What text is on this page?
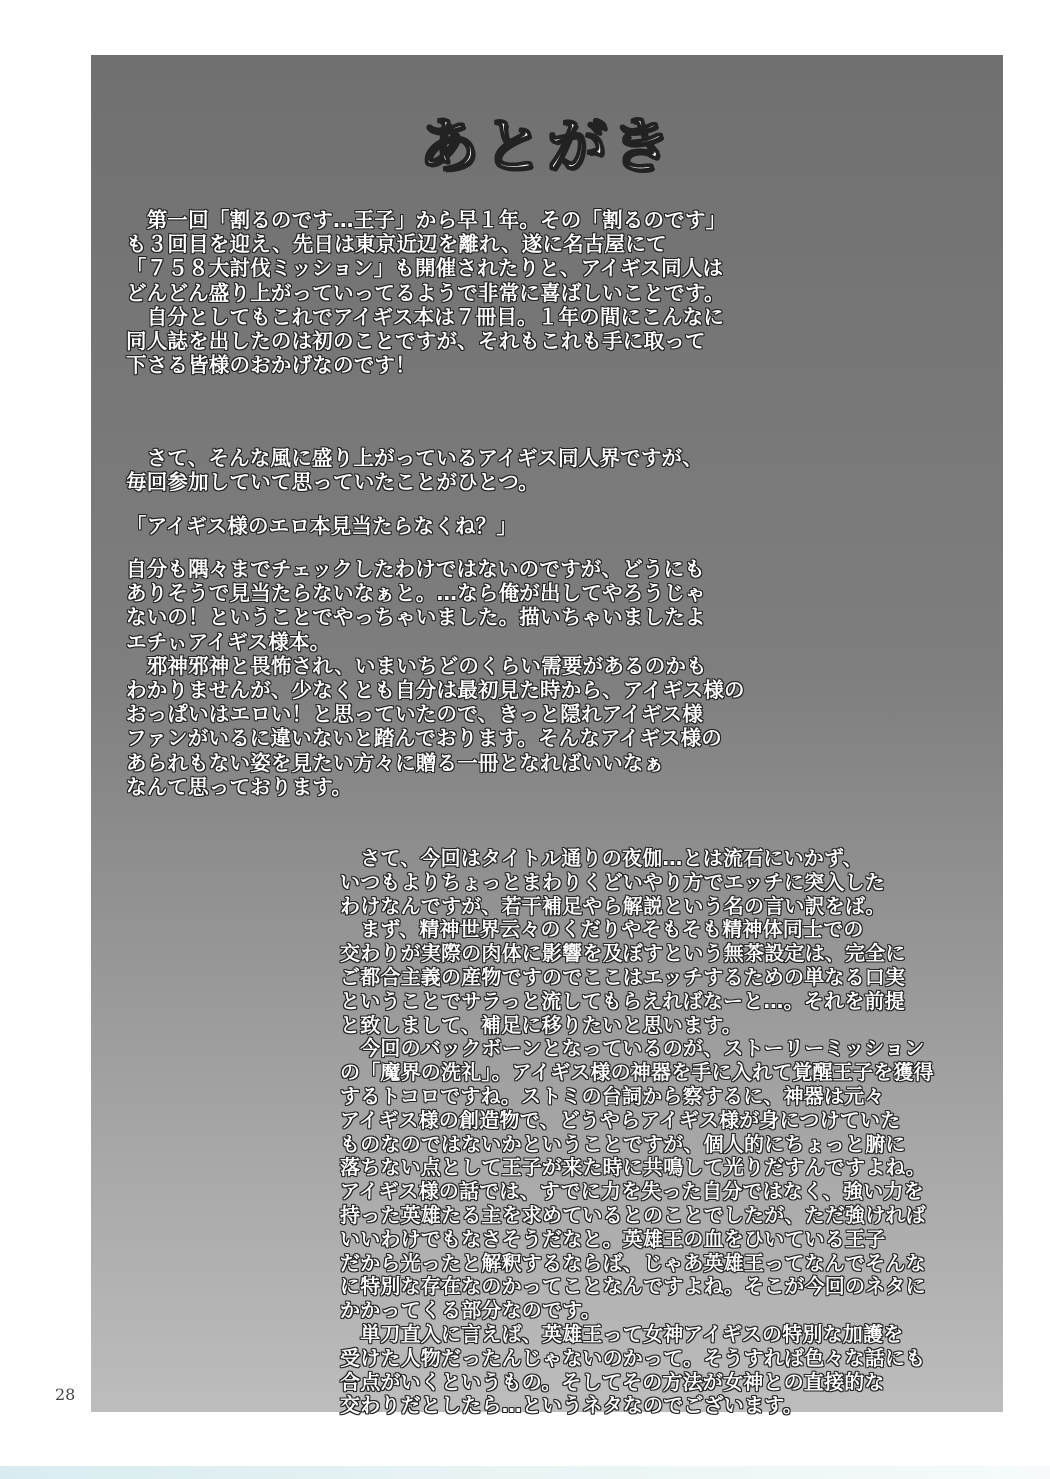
あとがき
　第一回「割るのです…王子」から早１年。その「割るのです」
も３回目を迎え、先日は東京近辺を離れ、遂に名古屋にて
「７５８大討伐ミッション」も開催されたりと、アイギス同人は
どんどん盛り上がっていってるようで非常に喜ばしいことです。
　自分としてもこれでアイギス本は７冊目。１年の間にこんなに
同人誌を出したのは初のことですが、それもこれも手に取って
下さる皆様のおかげなのです！
　さて、そんな風に盛り上がっているアイギス同人界ですが、
毎回参加していて思っていたことがひとつ。
「アイギス様のエロ本見当たらなくね？」
自分も隅々までチェックしたわけではないのですが、どうにも
ありそうで見当たらないなぁと。…なら俺が出してやろうじゃ
ないの！ということでやっちゃいました。描いちゃいましたよ
エチぃアイギス様本。
　邪神邪神と畏怖され、いまいちどのくらい需要があるのかも
わかりませんが、少なくとも自分は最初見た時から、アイギス様の
おっぱいはエロい！と思っていたので、きっと隠れアイギス様
ファンがいるに違いないと踏んでおります。そんなアイギス様の
あられもない姿を見たい方々に贈る一冊となればいいなぁ
なんて思っております。
　さて、今回はタイトル通りの夜伽…とは流石にいかず、
いつもよりちょっとまわりくどいやり方でエッチに突入した
わけなんですが、若干補足やら解説という名の言い訳をば。
　まず、精神世界云々のくだりやそもそも精神体同士での
交わりが実際の肉体に影響を及ぼすという無茶設定は、完全に
ご都合主義の産物ですのでここはエッチするための単なる口実
ということでサラっと流してもらえればなーと…。それを前提
と致しまして、補足に移りたいと思います。
　今回のバックボーンとなっているのが、ストーリーミッション
の「魔界の洗礼」。アイギス様の神器を手に入れて覚醒王子を獲得
するトコロですね。ストミの台詞から察するに、神器は元々
アイギス様の創造物で、どうやらアイギス様が身につけていた
ものなのではないかということですが、個人的にちょっと腑に
落ちない点として王子が来た時に共鳴して光りだすんですよね。
アイギス様の話では、すでに力を失った自分ではなく、強い力を
持った英雄たる主を求めているとのことでしたが、ただ強ければ
いいわけでもなさそうだなと。英雄王の血をひいている王子
だから光ったと解釈するならば、じゃあ英雄王ってなんでそんな
に特別な存在なのかってことなんですよね。そこが今回のネタに
かかってくる部分なのです。
　単刀直入に言えば、英雄王って女神アイギスの特別な加護を
受けた人物だったんじゃないのかって。そうすれば色々な話にも
合点がいくというもの。そしてその方法が女神との直接的な
交わりだとしたら…というネタなのでございます。
28
